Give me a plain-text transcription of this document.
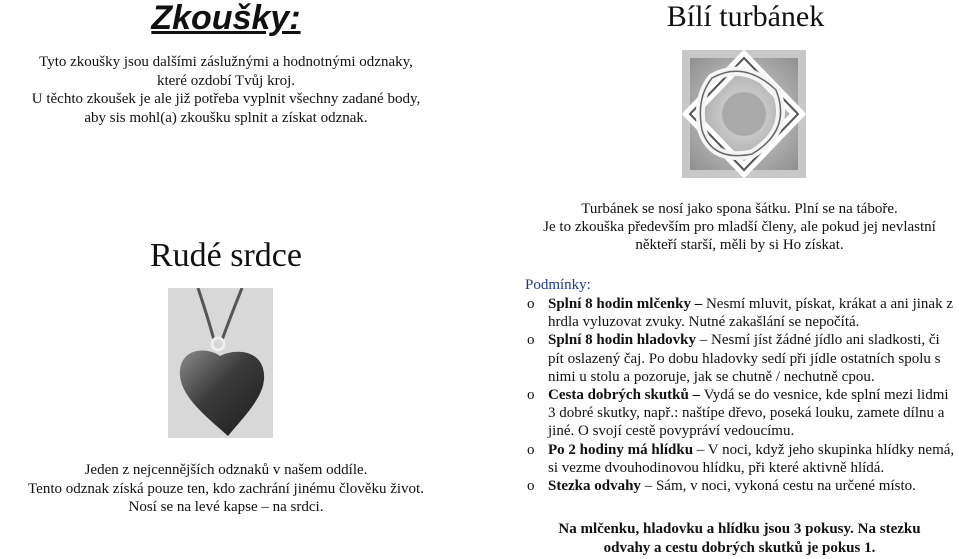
Zkoušky:
Tyto zkoušky jsou dalšími záslužnými a hodnotnými odznaky,
které ozdobí Tvůj kroj.
U těchto zkoušek je ale již potřeba vyplnit všechny zadané body,
aby sis mohl(a) zkoušku splnit a získat odznak.
Rudé srdce
Jeden z nejcennějších odznaků v našem oddíle.
Tento odznak získá pouze ten, kdo zachrání jinému člověku život.
Nosí se na levé kapse – na srdci.
Bílí turbánek
Turbánek se nosí jako spona šátku. Plní se na táboře.
Je to zkouška především pro mladší členy, ale pokud jej nevlastní
někteří starší, měli by si Ho získat.
Podmínky:
o Splní 8 hodin mlčenky – Nesmí mluvit, pískat, krákat a ani jinak z hrdla vyluzovat zvuky. Nutné zakašlání se nepočítá.
o Splní 8 hodin hladovky – Nesmí jíst žádné jídlo ani sladkosti, či pít oslazený čaj. Po dobu hladovky sedí při jídle ostatních spolu s nimi u stolu a pozoruje, jak se chutně / nechutně cpou.
o Cesta dobrých skutků – Vydá se do vesnice, kde splní mezi lidmi 3 dobré skutky, např.: naštípe dřevo, poseká louku, zamete dílnu a jiné. O svojí cestě povypráví vedoucímu.
o Po 2 hodiny má hlídku – V noci, když jeho skupinka hlídky nemá, si vezme dvouhodinovou hlídku, při které aktivně hlídá.
o Stezka odvahy – Sám, v noci, vykoná cestu na určené místo.
Na mlčenku, hladovku a hlídku jsou 3 pokusy. Na stezku
odvahy a cestu dobrých skutků je pokus 1.
